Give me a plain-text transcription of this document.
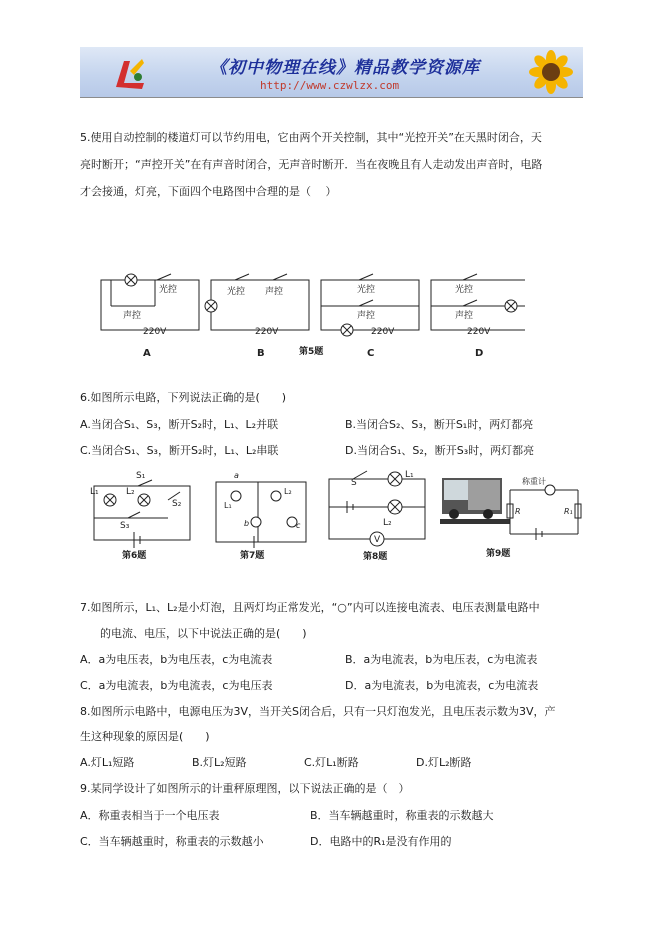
《初中物理在线》精品教学资源库
http://www.czwlzx.com
5.使用自动控制的楼道灯可以节约用电，它由两个开关控制，其中“光控开关”在天黑时闭合，天
亮时断开；“声控开关”在有声音时闭合，无声音时断开．当在夜晚且有人走动发出声音时，电路
才会接通，灯亮，下面四个电路图中合理的是（　 ）
光控
声控
220V
光控 声控
220V
光控
声控
220V
光控
声控
220V
A	B	第5题	C	D
6.如图所示电路，下列说法正确的是(　　)
A.当闭合S₁、S₃，断开S₂时，L₁、L₂并联	B.当闭合S₂、S₃，断开S₁时，两灯都亮
C.当闭合S₁、S₃，断开S₂时，L₁、L₂串联	D.当闭合S₁、S₂，断开S₃时，两灯都亮
L₁	L₂
S₁
S₂
S₃
第6题
a
b	c
L₂
L₁
第7题
S
L₁
L₂
V
第8题
称重计
R	R₁
第9题
7.如图所示，L₁、L₂是小灯泡，且两灯均正常发光，“○”内可以连接电流表、电压表测量电路中
的电流、电压，以下中说法正确的是(　　)
A．a为电压表，b为电压表，c为电流表	B．a为电流表，b为电压表，c为电流表
C．a为电流表，b为电流表，c为电压表	D．a为电流表，b为电流表，c为电流表
8.如图所示电路中，电源电压为3V，当开关S闭合后，只有一只灯泡发光，且电压表示数为3V，产
生这种现象的原因是(　　)
A.灯L₁短路	B.灯L₂短路	C.灯L₁断路	D.灯L₂断路
9.某同学设计了如图所示的计重秤原理图，以下说法正确的是（　）
A．称重表相当于一个电压表	B．当车辆越重时，称重表的示数越大
C．当车辆越重时，称重表的示数越小	D．电路中的R₁是没有作用的
